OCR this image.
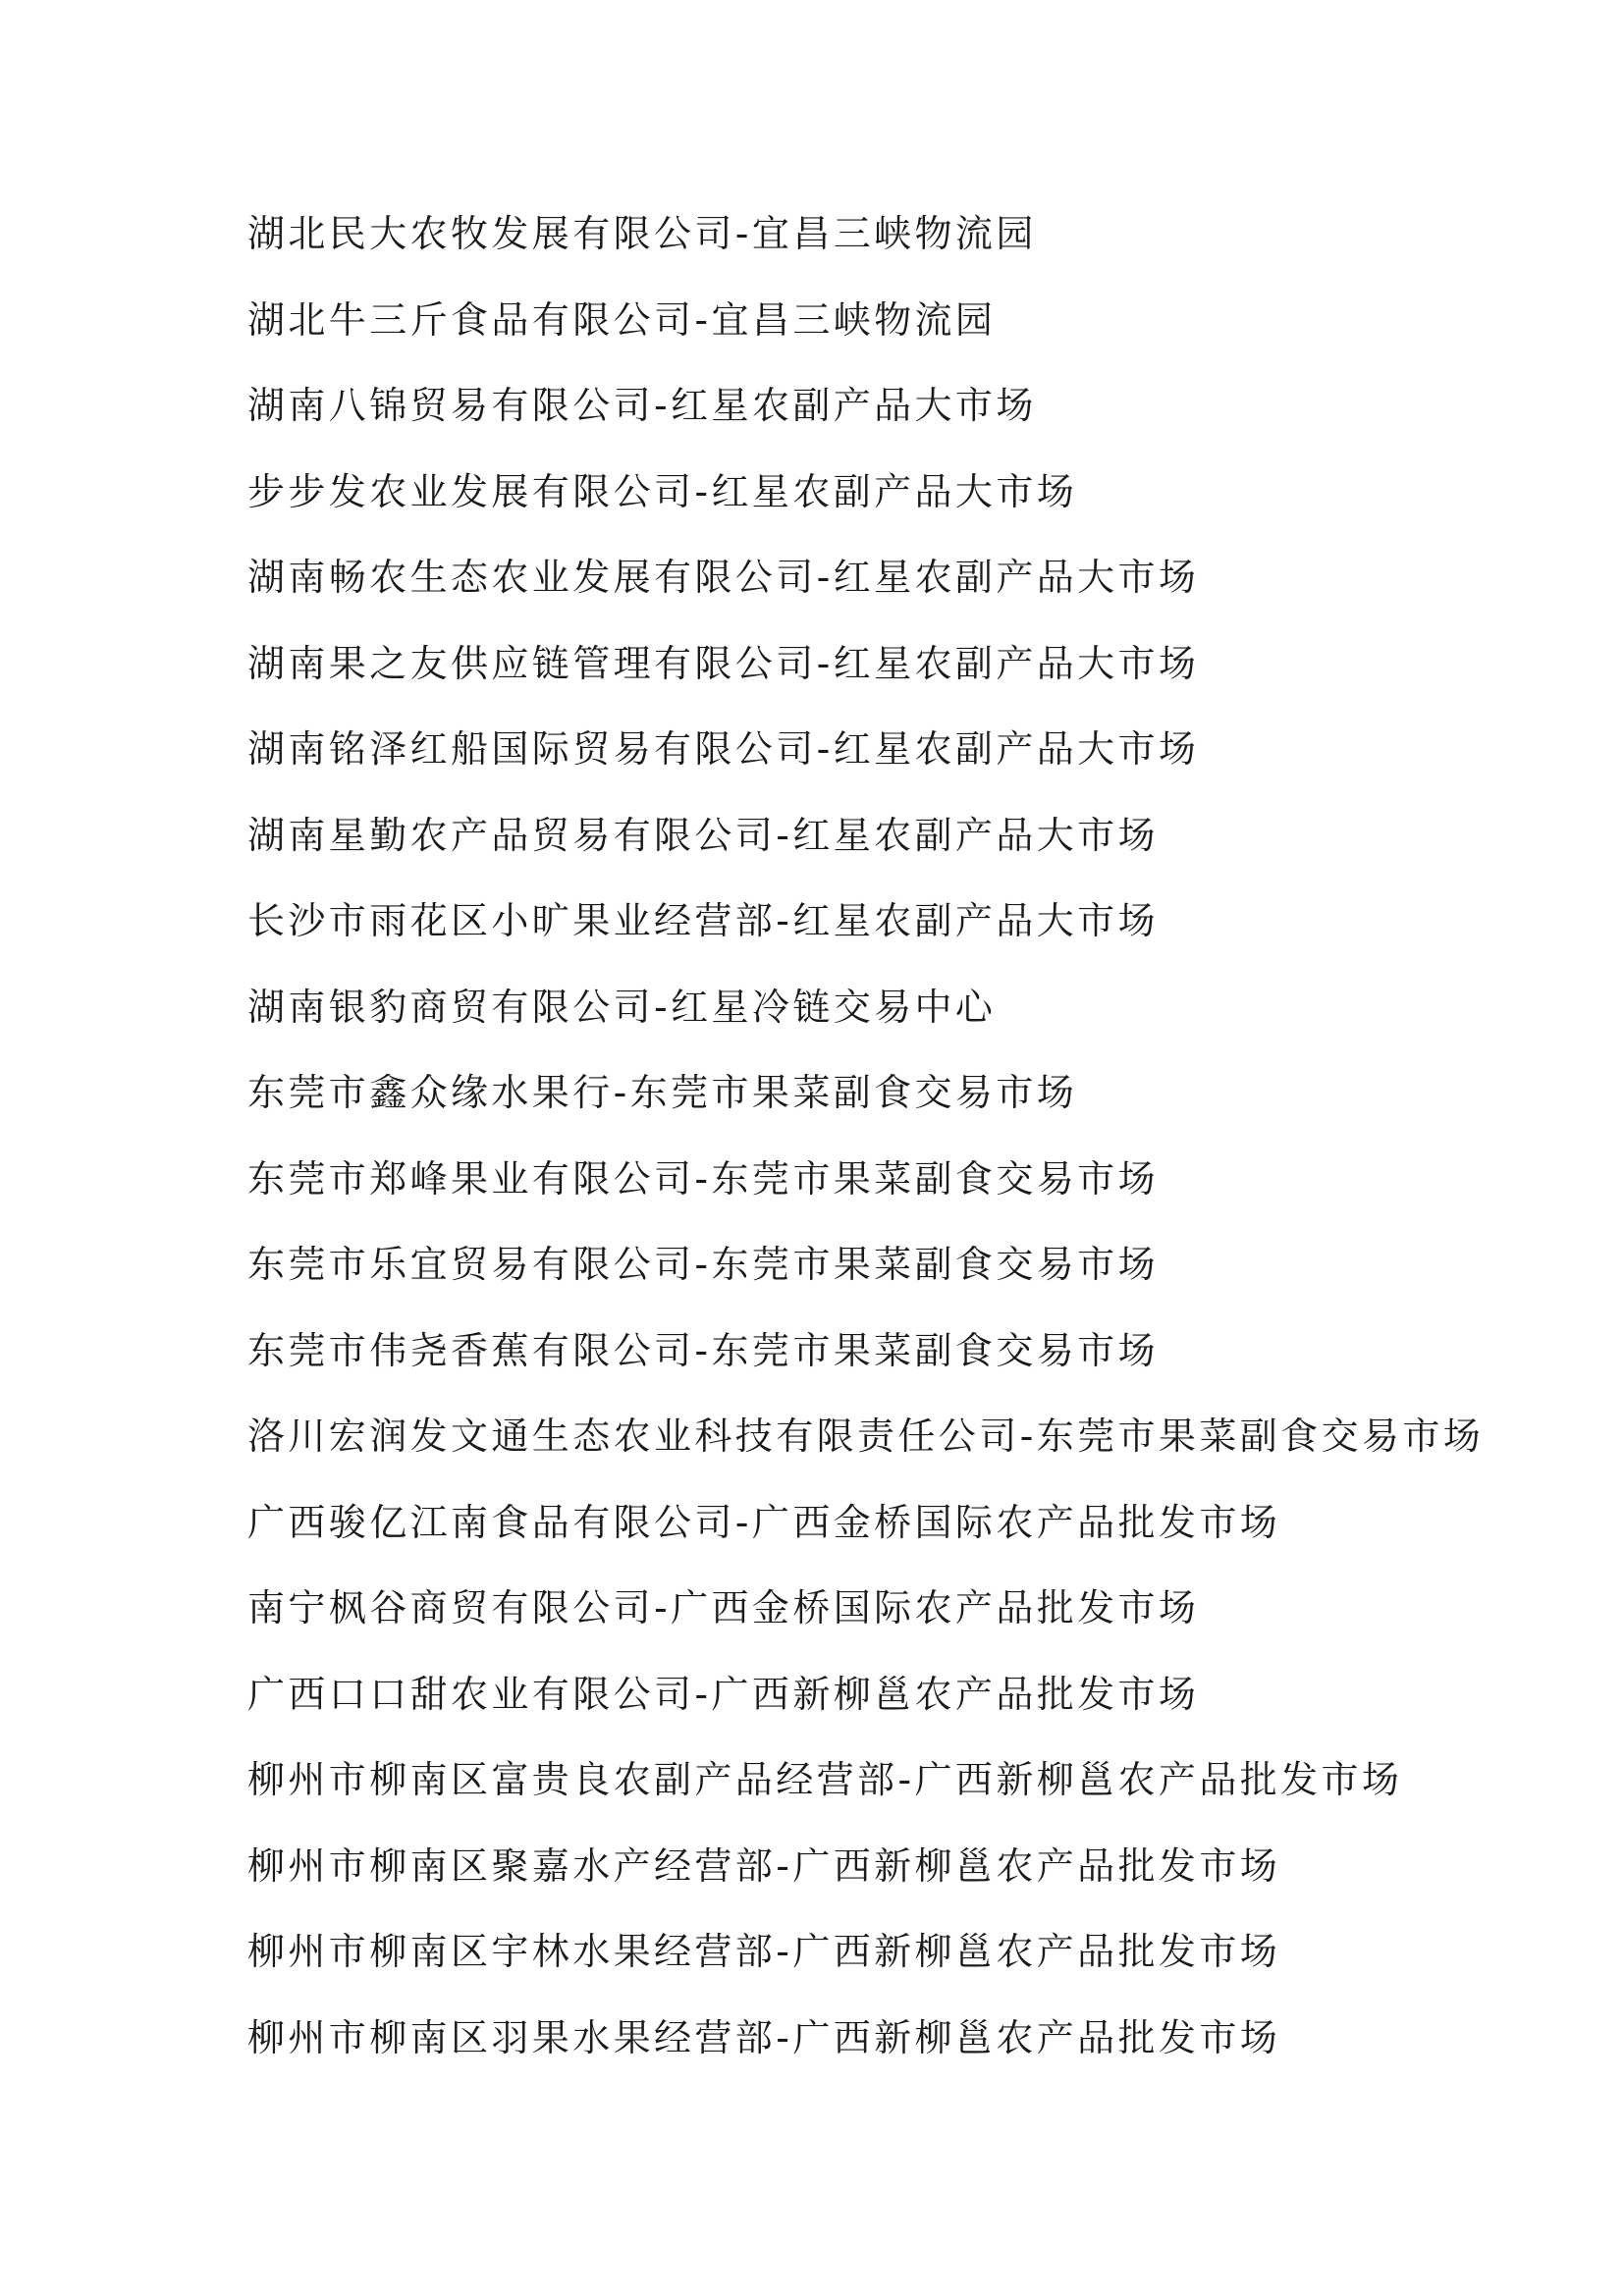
湖北民大农牧发展有限公司-宜昌三峡物流园
湖北牛三斤食品有限公司-宜昌三峡物流园
湖南八锦贸易有限公司-红星农副产品大市场
步步发农业发展有限公司-红星农副产品大市场
湖南畅农生态农业发展有限公司-红星农副产品大市场
湖南果之友供应链管理有限公司-红星农副产品大市场
湖南铭泽红船国际贸易有限公司-红星农副产品大市场
湖南星勤农产品贸易有限公司-红星农副产品大市场
长沙市雨花区小旷果业经营部-红星农副产品大市场
湖南银豹商贸有限公司-红星冷链交易中心
东莞市鑫众缘水果行-东莞市果菜副食交易市场
东莞市郑峰果业有限公司-东莞市果菜副食交易市场
东莞市乐宜贸易有限公司-东莞市果菜副食交易市场
东莞市伟尧香蕉有限公司-东莞市果菜副食交易市场
洛川宏润发文通生态农业科技有限责任公司-东莞市果菜副食交易市场
广西骏亿江南食品有限公司-广西金桥国际农产品批发市场
南宁枫谷商贸有限公司-广西金桥国际农产品批发市场
广西口口甜农业有限公司-广西新柳邕农产品批发市场
柳州市柳南区富贵良农副产品经营部-广西新柳邕农产品批发市场
柳州市柳南区聚嘉水产经营部-广西新柳邕农产品批发市场
柳州市柳南区宇林水果经营部-广西新柳邕农产品批发市场
柳州市柳南区羽果水果经营部-广西新柳邕农产品批发市场
